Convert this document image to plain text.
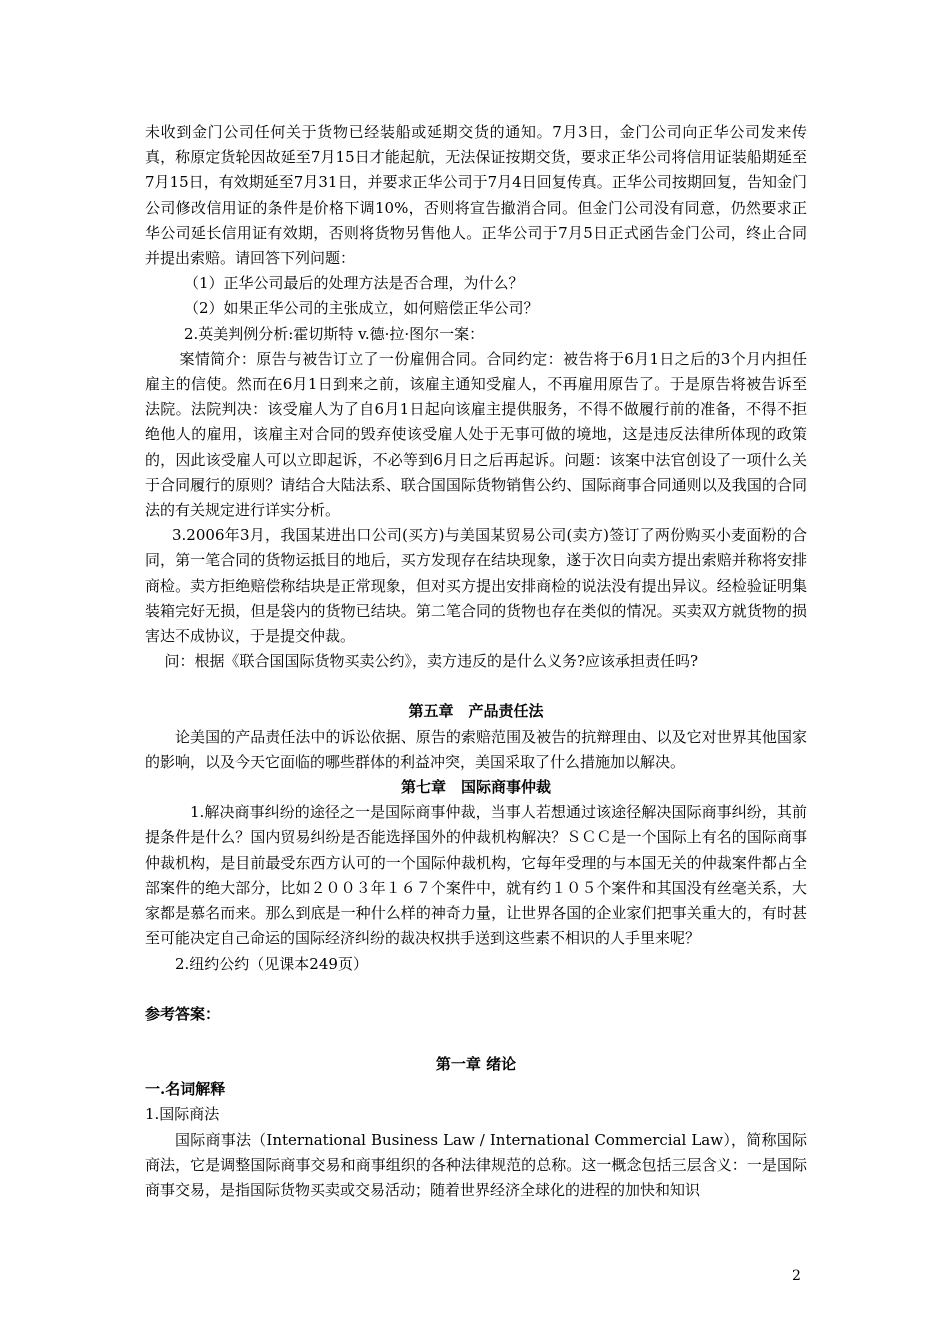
未收到金门公司任何关于货物已经装船或延期交货的通知。7月3日，金门公司向正华公司发来传真，称原定货轮因故延至7月15日才能起航，无法保证按期交货，要求正华公司将信用证装船期延至7月15日，有效期延至7月31日，并要求正华公司于7月4日回复传真。正华公司按期回复，告知金门公司修改信用证的条件是价格下调10%，否则将宣告撤消合同。但金门公司没有同意，仍然要求正华公司延长信用证有效期，否则将货物另售他人。正华公司于7月5日正式函告金门公司，终止合同并提出索赔。请回答下列问题：

（1）正华公司最后的处理方法是否合理，为什么？

（2）如果正华公司的主张成立，如何赔偿正华公司？

2.英美判例分析:霍切斯特 v.德·拉·图尔一案：

案情简介：原告与被告订立了一份雇佣合同。合同约定：被告将于6月1日之后的3个月内担任雇主的信使。然而在6月1日到来之前，该雇主通知受雇人，不再雇用原告了。于是原告将被告诉至法院。法院判决：该受雇人为了自6月1日起向该雇主提供服务，不得不做履行前的准备，不得不拒绝他人的雇用，该雇主对合同的毁弃使该受雇人处于无事可做的境地，这是违反法律所体现的政策的，因此该受雇人可以立即起诉，不必等到6月日之后再起诉。问题：该案中法官创设了一项什么关于合同履行的原则？请结合大陆法系、联合国国际货物销售公约、国际商事合同通则以及我国的合同法的有关规定进行详实分析。

3.2006年3月，我国某进出口公司(买方)与美国某贸易公司(卖方)签订了两份购买小麦面粉的合同，第一笔合同的货物运抵目的地后，买方发现存在结块现象，遂于次日向卖方提出索赔并称将安排商检。卖方拒绝赔偿称结块是正常现象，但对买方提出安排商检的说法没有提出异议。经检验证明集装箱完好无损，但是袋内的货物已结块。第二笔合同的货物也存在类似的情况。买卖双方就货物的损害达不成协议，于是提交仲裁。

问：根据《联合国国际货物买卖公约》，卖方违反的是什么义务?应该承担责任吗?

第五章　产品责任法

论美国的产品责任法中的诉讼依据、原告的索赔范围及被告的抗辩理由、以及它对世界其他国家的影响，以及今天它面临的哪些群体的利益冲突，美国采取了什么措施加以解决。

第七章　国际商事仲裁

1.解决商事纠纷的途径之一是国际商事仲裁，当事人若想通过该途径解决国际商事纠纷，其前提条件是什么？国内贸易纠纷是否能选择国外的仲裁机构解决？ＳＣＣ是一个国际上有名的国际商事仲裁机构，是目前最受东西方认可的一个国际仲裁机构，它每年受理的与本国无关的仲裁案件都占全部案件的绝大部分，比如２００３年１６７个案件中，就有约１０５个案件和其国没有丝毫关系，大家都是慕名而来。那么到底是一种什么样的神奇力量，让世界各国的企业家们把事关重大的，有时甚至可能决定自己命运的国际经济纠纷的裁决权拱手送到这些素不相识的人手里来呢？

2.纽约公约（见课本249页）

参考答案：

第一章 绪论

一.名词解释

1.国际商法

国际商事法（International Business Law / International Commercial Law），简称国际商法，它是调整国际商事交易和商事组织的各种法律规范的总称。这一概念包括三层含义：一是国际商事交易，是指国际货物买卖或交易活动；随着世界经济全球化的进程的加快和知识

2
